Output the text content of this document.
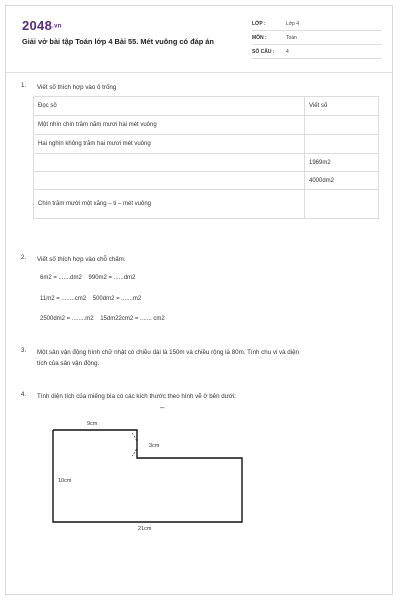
2048.vn
Giải vở bài tập Toán lớp 4 Bài 55. Mét vuông có đáp án
LỚP :	Lớp 4
MÔN :	Toán
SỐ CÂU : 4
1. Viết số thích hợp vào ô trống
Đọc số	Viết số
Một nhìn chín trăm năm mươi hai mét vuông	
Hai nghìn không trăm hai mươi mét vuông	
	1969m2
	4000dm2
Chín trăm mười một xăng – ti – mét vuông	
2. Viết số thích hợp vào chỗ chấm:
6m2 = .......dm2    990m2 = ......dm2
11m2 = ........cm2    500dm2 = .......m2
2500dm2 = ........m2    15dm22cm2 = ....... cm2
3. Một sân vận động hình chữ nhật có chiều dài là 150m và chiều rộng là 80m. Tính chu vi và diện
tích của sân vận động.
4. Tính diện tích của miếng bìa có các kích thước theo hình vẽ ở bên dưới:
–
9cm
3cm
10cm
21cm
